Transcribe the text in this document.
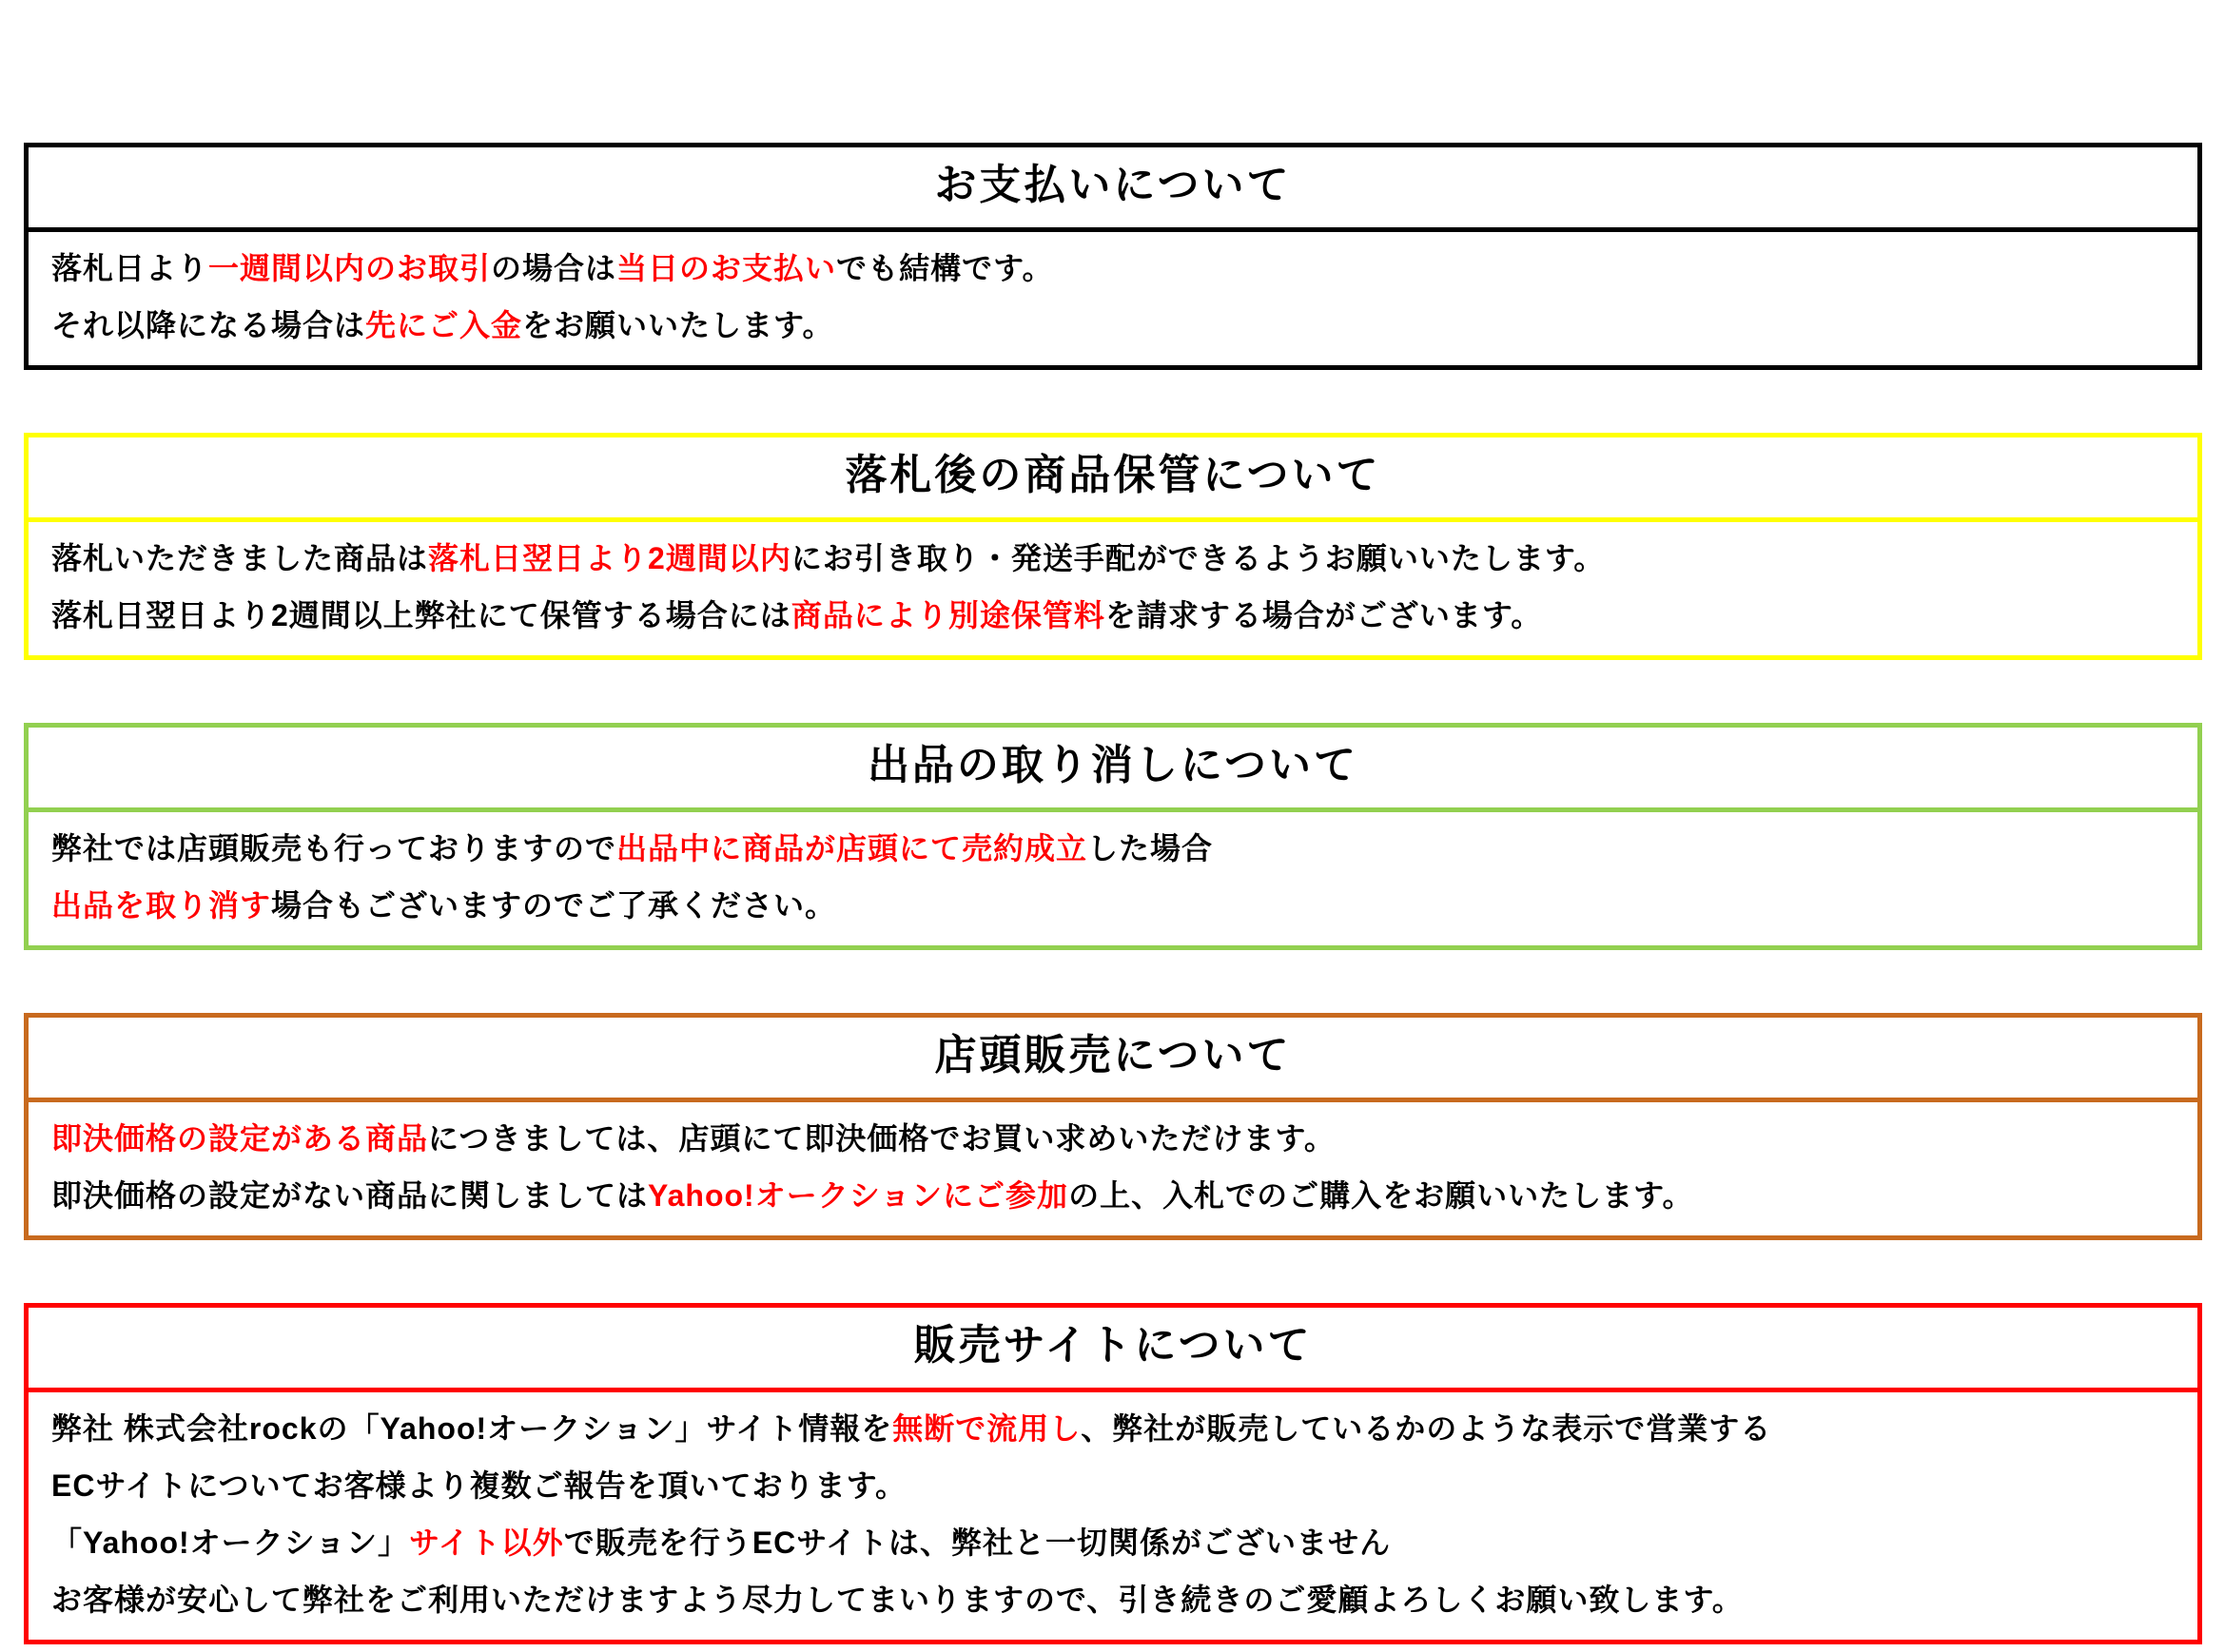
お支払いについて

落札日より一週間以内のお取引の場合は当日のお支払いでも結構です。

それ以降になる場合は先にご入金をお願いいたします。

落札後の商品保管について

落札いただきました商品は落札日翌日より2週間以内にお引き取り・発送手配ができるようお願いいたします。

落札日翌日より2週間以上弊社にて保管する場合には商品により別途保管料を請求する場合がございます。

出品の取り消しについて

弊社では店頭販売も行っておりますので出品中に商品が店頭にて売約成立した場合

出品を取り消す場合もございますのでご了承ください。

店頭販売について

即決価格の設定がある商品につきましては、店頭にて即決価格でお買い求めいただけます。

即決価格の設定がない商品に関しましてはYahoo!オークションにご参加の上、入札でのご購入をお願いいたします。

販売サイトについて

弊社 株式会社rockの「Yahoo!オークション」サイト情報を無断で流用し、弊社が販売しているかのような表示で営業する

ECサイトについてお客様より複数ご報告を頂いております。

「Yahoo!オークション」サイト以外で販売を行うECサイトは、弊社と一切関係がございません

お客様が安心して弊社をご利用いただけますよう尽力してまいりますので、引き続きのご愛顧よろしくお願い致します。
